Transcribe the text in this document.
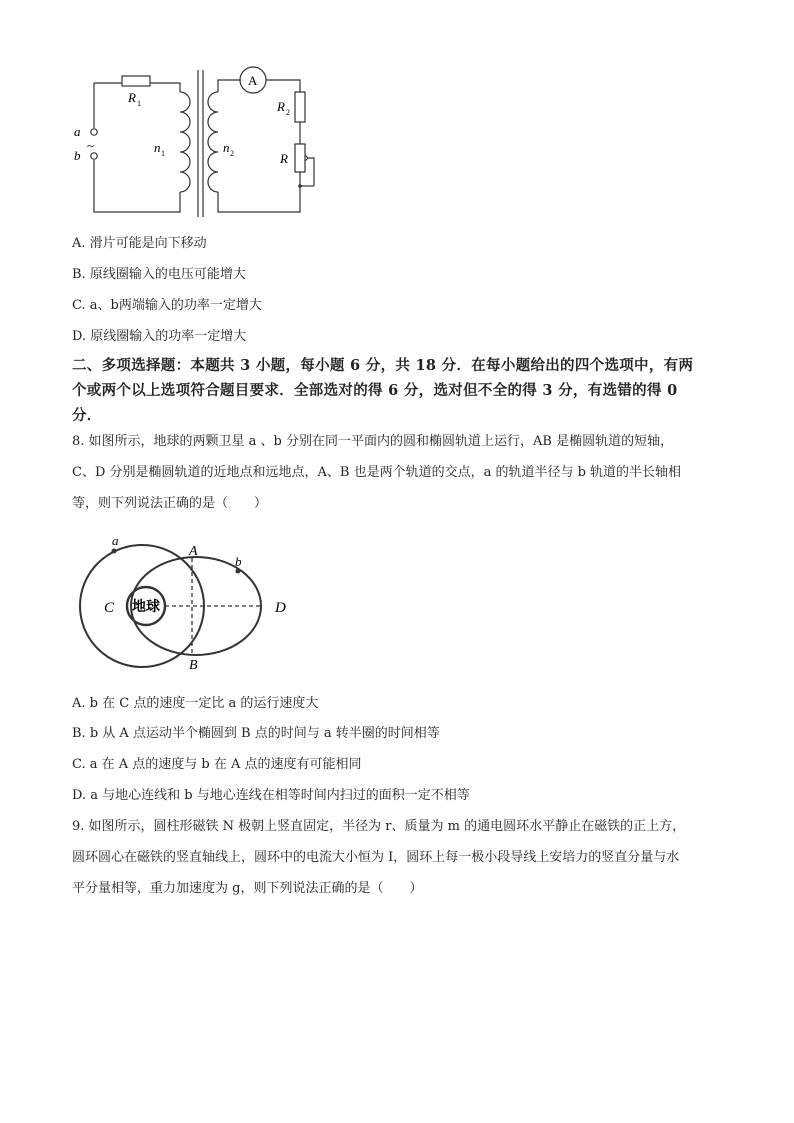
R 1
a
~
b
n 1	n 2
A
R 2
R
A. 滑片可能是向下移动
B. 原线圈输入的电压可能增大
C. a、b两端输入的功率一定增大
D. 原线圈输入的功率一定增大
二、多项选择题：本题共 3 小题，每小题 6 分，共 18 分．在每小题给出的四个选项中，有两
个或两个以上选项符合题目要求．全部选对的得 6 分，选对但不全的得 3 分，有选错的得 0
分．
8. 如图所示，地球的两颗卫星 a 、b 分别在同一平面内的圆和椭圆轨道上运行，AB 是椭圆轨道的短轴，
C、D 分别是椭圆轨道的近地点和远地点，A、B 也是两个轨道的交点，a 的轨道半径与 b 轨道的半长轴相
等，则下列说法正确的是（　　）
a
A
b
C 地球	D
B
A. b 在 C 点的速度一定比 a 的运行速度大
B. b 从 A 点运动半个椭圆到 B 点的时间与 a 转半圈的时间相等
C. a 在 A 点的速度与 b 在 A 点的速度有可能相同
D. a 与地心连线和 b 与地心连线在相等时间内扫过的面积一定不相等
9. 如图所示，圆柱形磁铁 N 极朝上竖直固定，半径为 r、质量为 m 的通电圆环水平静止在磁铁的正上方，
圆环圆心在磁铁的竖直轴线上，圆环中的电流大小恒为 I，圆环上每一极小段导线上安培力的竖直分量与水
平分量相等，重力加速度为 g，则下列说法正确的是（　　）
